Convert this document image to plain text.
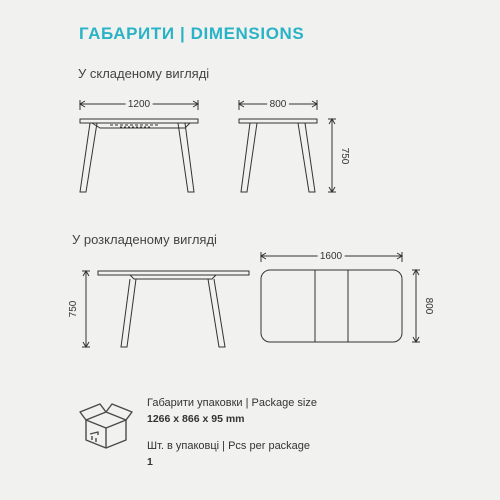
ГАБАРИТИ | DIMENSIONS

У складеному вигляді

У розкладеному вигляді

1200	800
750
750
1600
800
Габарити упаковки | Package size
1266 x 866 x 95 mm
Шт. в упаковці | Pcs per package
1
